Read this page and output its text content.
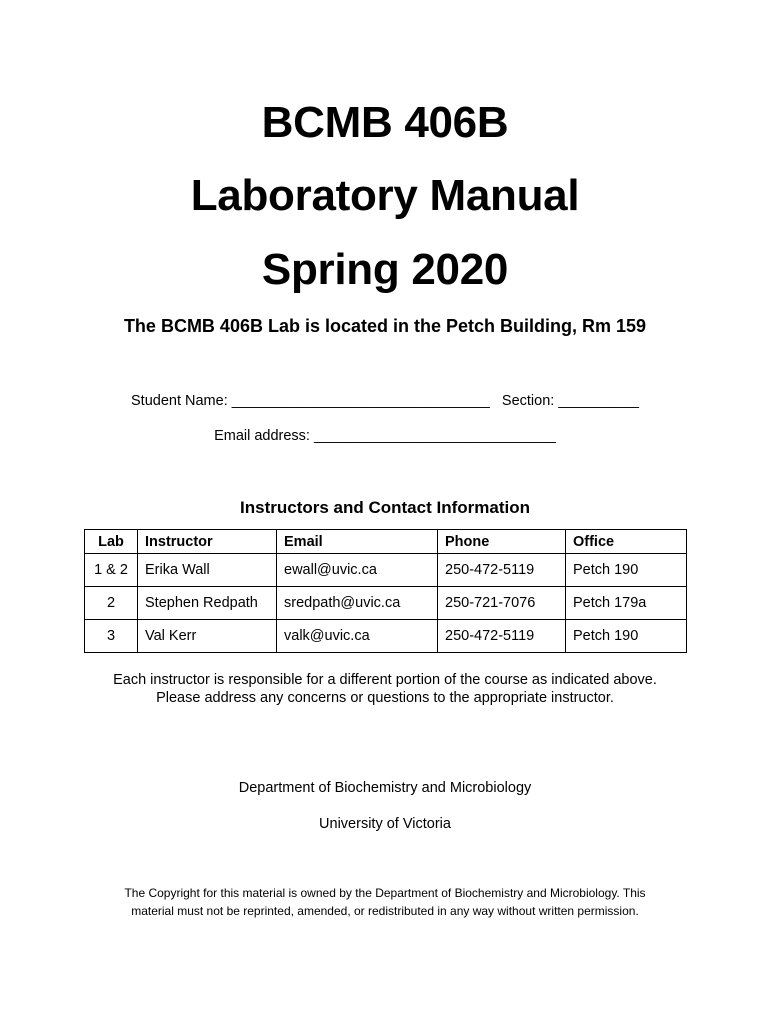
BCMB 406B
Laboratory Manual
Spring 2020
The BCMB 406B Lab is located in the Petch Building, Rm 159
Student Name: ________________________________ Section: __________
Email address: ______________________________
Instructors and Contact Information
Lab	Instructor	Email	Phone	Office
1 & 2	Erika Wall	ewall@uvic.ca	250-472-5119	Petch 190
2	Stephen Redpath	sredpath@uvic.ca	250-721-7076	Petch 179a
3	Val Kerr	valk@uvic.ca	250-472-5119	Petch 190
Each instructor is responsible for a different portion of the course as indicated above.
Please address any concerns or questions to the appropriate instructor.
Department of Biochemistry and Microbiology
University of Victoria
The Copyright for this material is owned by the Department of Biochemistry and Microbiology. This
material must not be reprinted, amended, or redistributed in any way without written permission.
